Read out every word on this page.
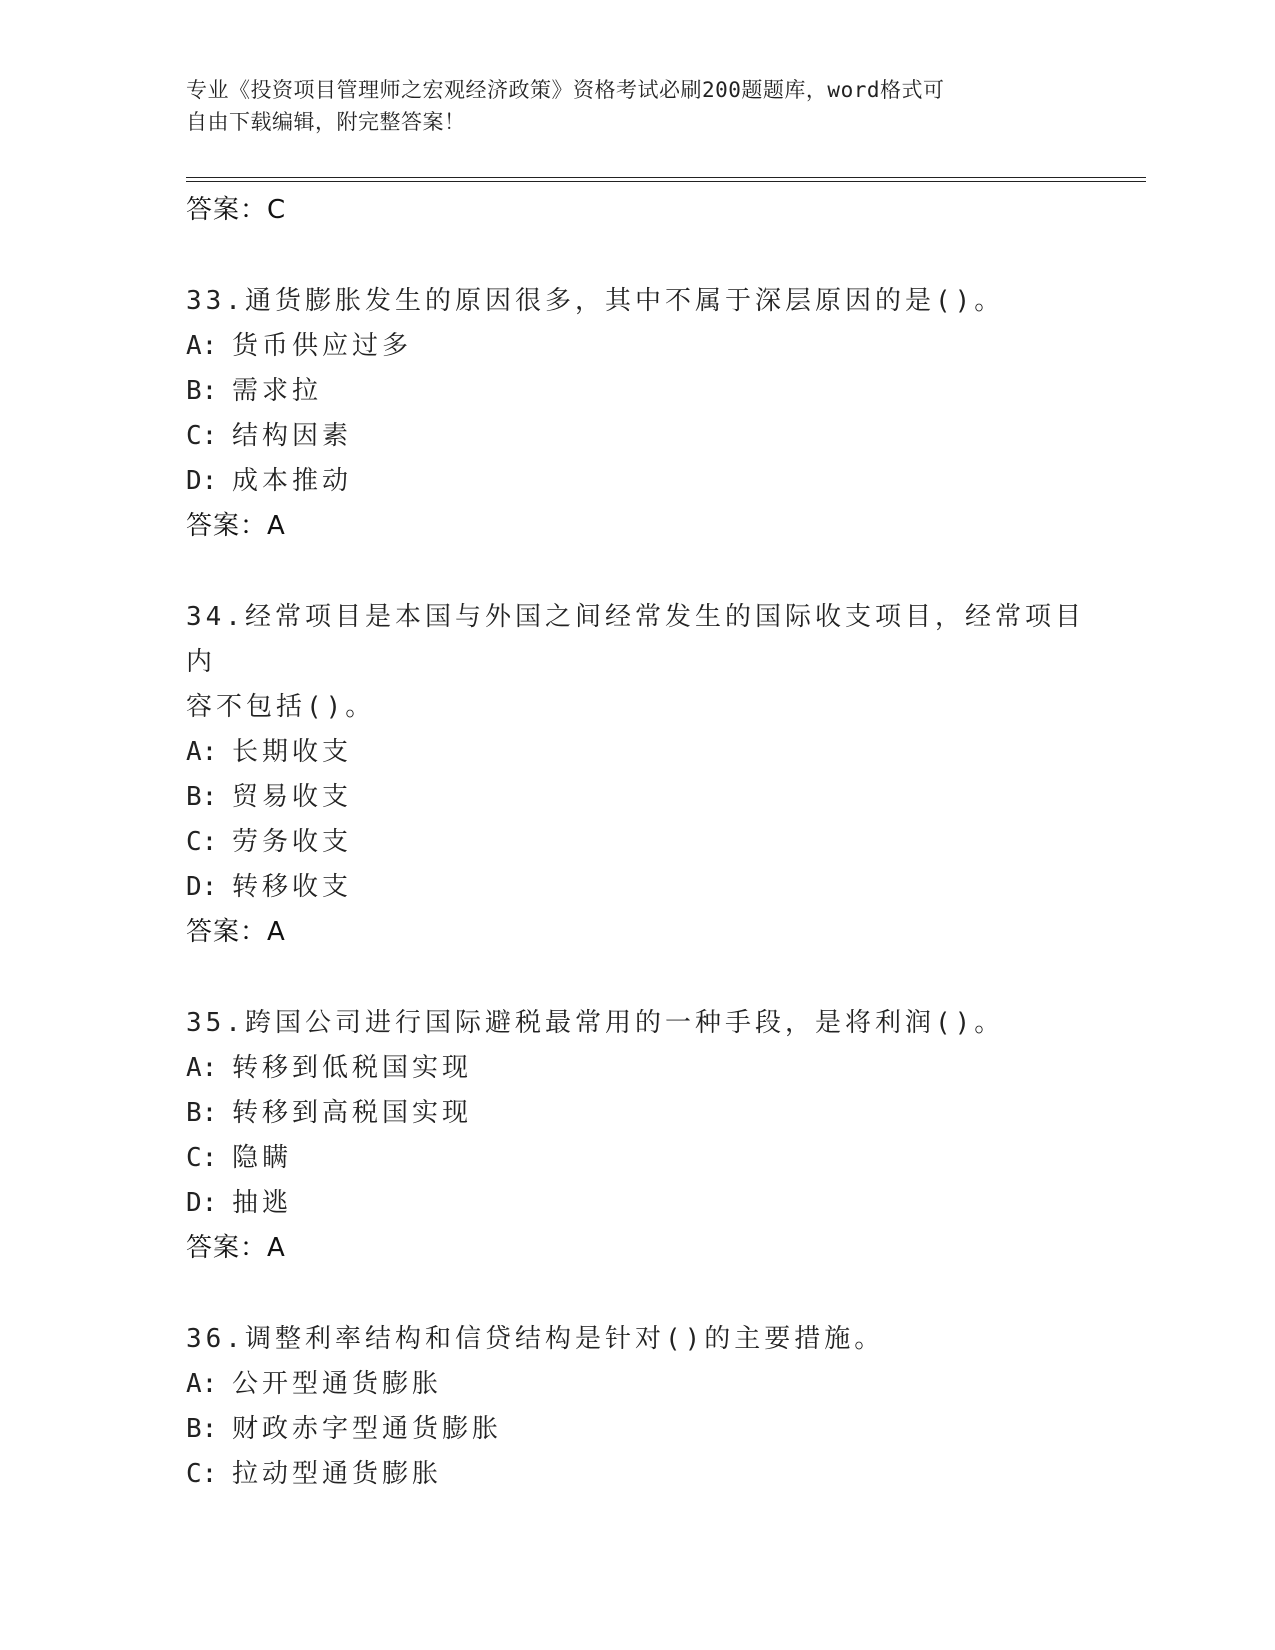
专业《投资项目管理师之宏观经济政策》资格考试必刷200题题库，word格式可
自由下载编辑，附完整答案！
答案：C
33.通货膨胀发生的原因很多，其中不属于深层原因的是()。
A: 货币供应过多
B: 需求拉
C: 结构因素
D: 成本推动
答案：A
34.经常项目是本国与外国之间经常发生的国际收支项目，经常项目内
容不包括()。
A: 长期收支
B: 贸易收支
C: 劳务收支
D: 转移收支
答案：A
35.跨国公司进行国际避税最常用的一种手段，是将利润()。
A: 转移到低税国实现
B: 转移到高税国实现
C: 隐瞒
D: 抽逃
答案：A
36.调整利率结构和信贷结构是针对()的主要措施。
A: 公开型通货膨胀
B: 财政赤字型通货膨胀
C: 拉动型通货膨胀
